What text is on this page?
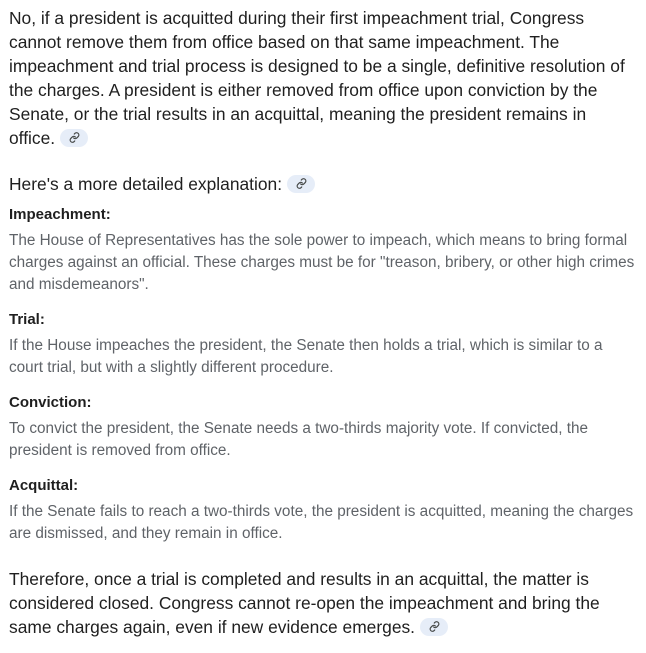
No, if a president is acquitted during their first impeachment trial, Congress cannot remove them from office based on that same impeachment. The impeachment and trial process is designed to be a single, definitive resolution of the charges. A president is either removed from office upon conviction by the Senate, or the trial results in an acquittal, meaning the president remains in office.

Here's a more detailed explanation:

Impeachment:

The House of Representatives has the sole power to impeach, which means to bring formal charges against an official. These charges must be for "treason, bribery, or other high crimes and misdemeanors".

Trial:

If the House impeaches the president, the Senate then holds a trial, which is similar to a court trial, but with a slightly different procedure.

Conviction:

To convict the president, the Senate needs a two-thirds majority vote. If convicted, the president is removed from office.

Acquittal:

If the Senate fails to reach a two-thirds vote, the president is acquitted, meaning the charges are dismissed, and they remain in office.

Therefore, once a trial is completed and results in an acquittal, the matter is considered closed. Congress cannot re-open the impeachment and bring the same charges again, even if new evidence emerges.
